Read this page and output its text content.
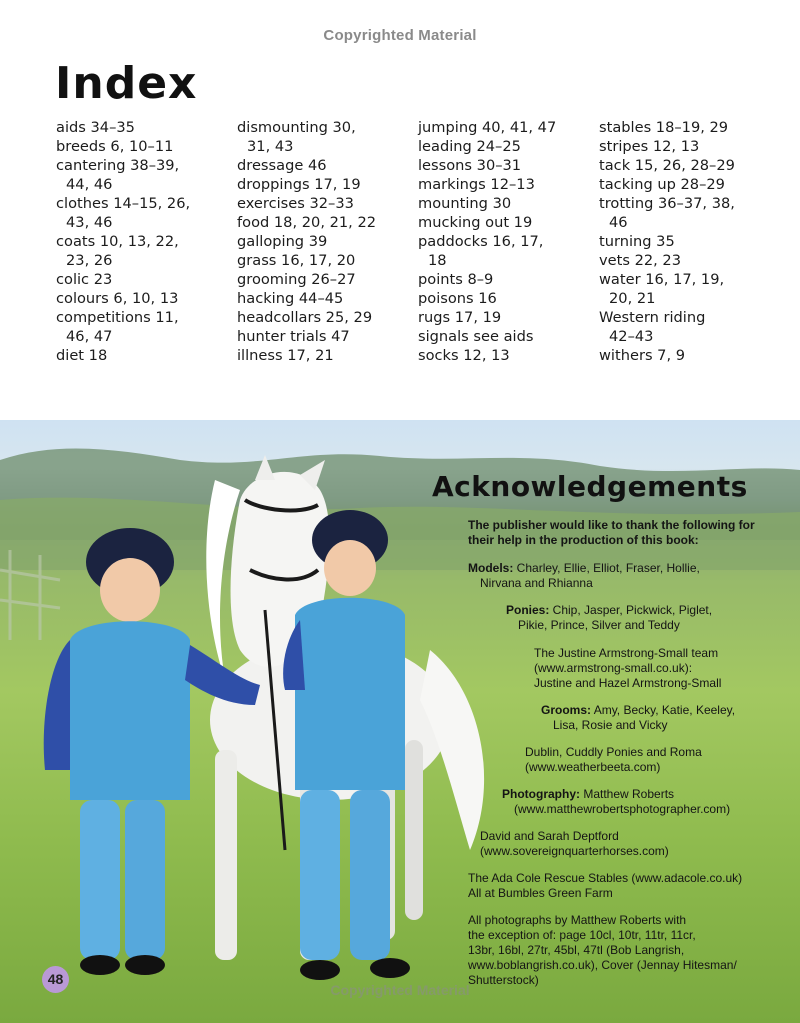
Copyrighted Material
Index
aids 34–35
breeds 6, 10–11
cantering 38–39,
44, 46
clothes 14–15, 26,
43, 46
coats 10, 13, 22,
23, 26
colic 23
colours 6, 10, 13
competitions 11,
46, 47
diet 18
dismounting 30,
31, 43
dressage 46
droppings 17, 19
exercises 32–33
food 18, 20, 21, 22
galloping 39
grass 16, 17, 20
grooming 26–27
hacking 44–45
headcollars 25, 29
hunter trials 47
illness 17, 21
jumping 40, 41, 47
leading 24–25
lessons 30–31
markings 12–13
mounting 30
mucking out 19
paddocks 16, 17,
18
points 8–9
poisons 16
rugs 17, 19
signals see aids
socks 12, 13
stables 18–19, 29
stripes 12, 13
tack 15, 26, 28–29
tacking up 28–29
trotting 36–37, 38,
46
turning 35
vets 22, 23
water 16, 17, 19,
20, 21
Western riding
42–43
withers 7, 9
Acknowledgements
The publisher would like to thank the following for their help in the production of this book:
Models: Charley, Ellie, Elliot, Fraser, Hollie,
Nirvana and Rhianna
Ponies: Chip, Jasper, Pickwick, Piglet,
Pikie, Prince, Silver and Teddy
The Justine Armstrong-Small team
(www.armstrong-small.co.uk):
Justine and Hazel Armstrong-Small
Grooms: Amy, Becky, Katie, Keeley,
Lisa, Rosie and Vicky
Dublin, Cuddly Ponies and Roma
(www.weatherbeeta.com)
Photography: Matthew Roberts
(www.matthewrobertsphotographer.com)
David and Sarah Deptford
(www.sovereignquarterhorses.com)
The Ada Cole Rescue Stables (www.adacole.co.uk)
All at Bumbles Green Farm
All photographs by Matthew Roberts with
the exception of: page 10cl, 10tr, 11tr, 11cr,
13br, 16bl, 27tr, 45bl, 47tl (Bob Langrish,
www.boblangrish.co.uk), Cover (Jennay Hitesman/
Shutterstock)
48
Copyrighted Material
